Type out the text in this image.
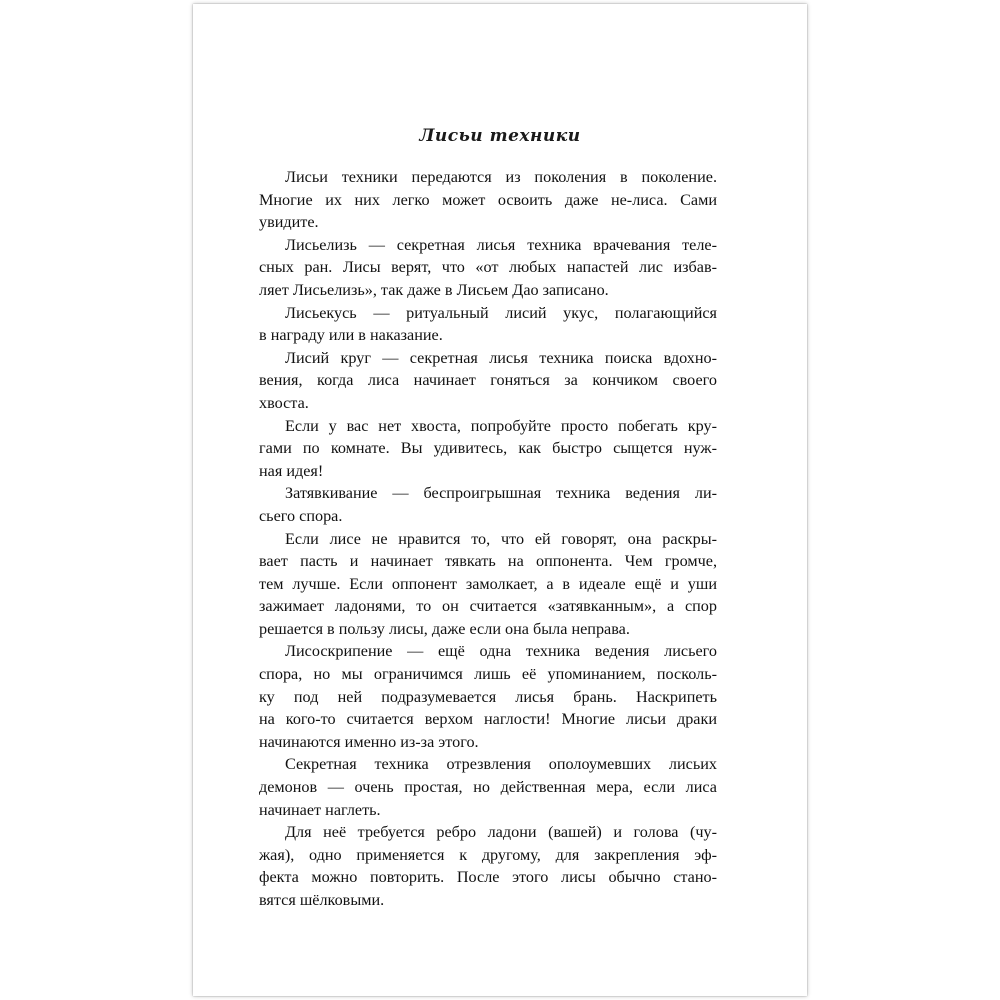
Лисьи техники

Лисьи техники передаются из поколения в поколение.
Многие их них легко может освоить даже не-лиса. Сами
увидите.

Лисьелизь — секретная лисья техника врачевания теле-
сных ран. Лисы верят, что «от любых напастей лис избав-
ляет Лисьелизь», так даже в Лисьем Дао записано.

Лисьекусь — ритуальный лисий укус, полагающийся
в награду или в наказание.

Лисий круг — секретная лисья техника поиска вдохно-
вения, когда лиса начинает гоняться за кончиком своего
хвоста.

Если у вас нет хвоста, попробуйте просто побегать кру-
гами по комнате. Вы удивитесь, как быстро сыщется нуж-
ная идея!

Затявкивание — беспроигрышная техника ведения ли-
сьего спора.

Если лисе не нравится то, что ей говорят, она раскры-
вает пасть и начинает тявкать на оппонента. Чем громче,
тем лучше. Если оппонент замолкает, а в идеале ещё и уши
зажимает ладонями, то он считается «затявканным», а спор
решается в пользу лисы, даже если она была неправа.

Лисоскрипение — ещё одна техника ведения лисьего
спора, но мы ограничимся лишь её упоминанием, посколь-
ку под ней подразумевается лисья брань. Наскрипеть
на кого-то считается верхом наглости! Многие лисьи драки
начинаются именно из-за этого.

Секретная техника отрезвления ополоумевших лисьих
демонов — очень простая, но действенная мера, если лиса
начинает наглеть.

Для неё требуется ребро ладони (вашей) и голова (чу-
жая), одно применяется к другому, для закрепления эф-
фекта можно повторить. После этого лисы обычно стано-
вятся шёлковыми.
